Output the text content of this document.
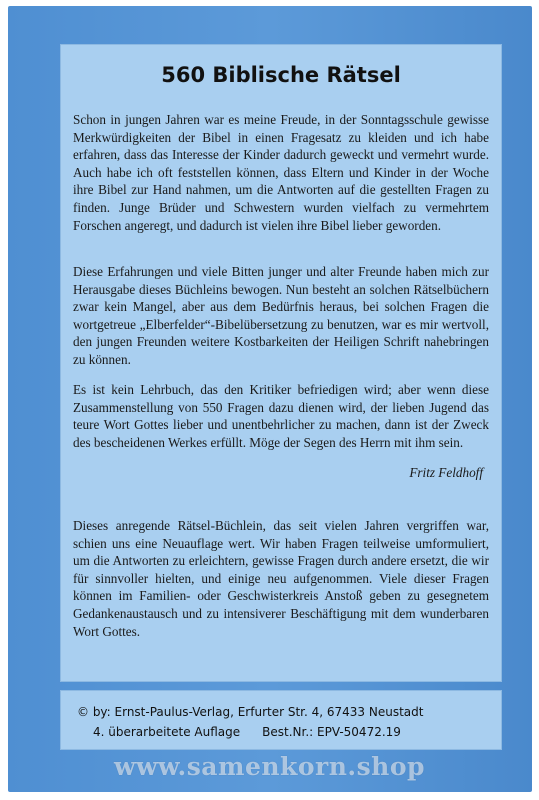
560 Biblische Rätsel

Schon in jungen Jahren war es meine Freude, in der Sonntagsschule gewisse Merkwürdigkeiten der Bibel in einen Fragesatz zu kleiden und ich habe erfahren, dass das Interesse der Kinder dadurch geweckt und vermehrt wurde. Auch habe ich oft feststellen können, dass Eltern und Kinder in der Woche ihre Bibel zur Hand nahmen, um die Antworten auf die gestellten Fragen zu finden. Junge Brüder und Schwestern wurden vielfach zu vermehrtem Forschen angeregt, und dadurch ist vielen ihre Bibel lieber geworden.

Diese Erfahrungen und viele Bitten junger und alter Freunde haben mich zur Herausgabe dieses Büchleins bewogen. Nun besteht an solchen Rätselbüchern zwar kein Mangel, aber aus dem Bedürfnis heraus, bei solchen Fragen die wortgetreue „Elberfelder“-Bibelübersetzung zu benutzen, war es mir wertvoll, den jungen Freunden weitere Kostbarkeiten der Heiligen Schrift nahebringen zu können.

Es ist kein Lehrbuch, das den Kritiker befriedigen wird; aber wenn diese Zusammenstellung von 550 Fragen dazu dienen wird, der lieben Jugend das teure Wort Gottes lieber und unentbehrlicher zu machen, dann ist der Zweck des bescheidenen Werkes erfüllt. Möge der Segen des Herrn mit ihm sein.

Fritz Feldhoff

Dieses anregende Rätsel-Büchlein, das seit vielen Jahren vergriffen war, schien uns eine Neuauflage wert. Wir haben Fragen teilweise umformuliert, um die Antworten zu erleichtern, gewisse Fragen durch andere ersetzt, die wir für sinnvoller hielten, und einige neu aufgenommen. Viele dieser Fragen können im Familien- oder Geschwisterkreis Anstoß geben zu gesegnetem Gedankenaustausch und zu intensiverer Beschäftigung mit dem wunderbaren Wort Gottes.

© by: Ernst-Paulus-Verlag, Erfurter Str. 4, 67433 Neustadt
4. überarbeitete Auflage Best.Nr.: EPV-50472.19
www.samenkorn.shop
